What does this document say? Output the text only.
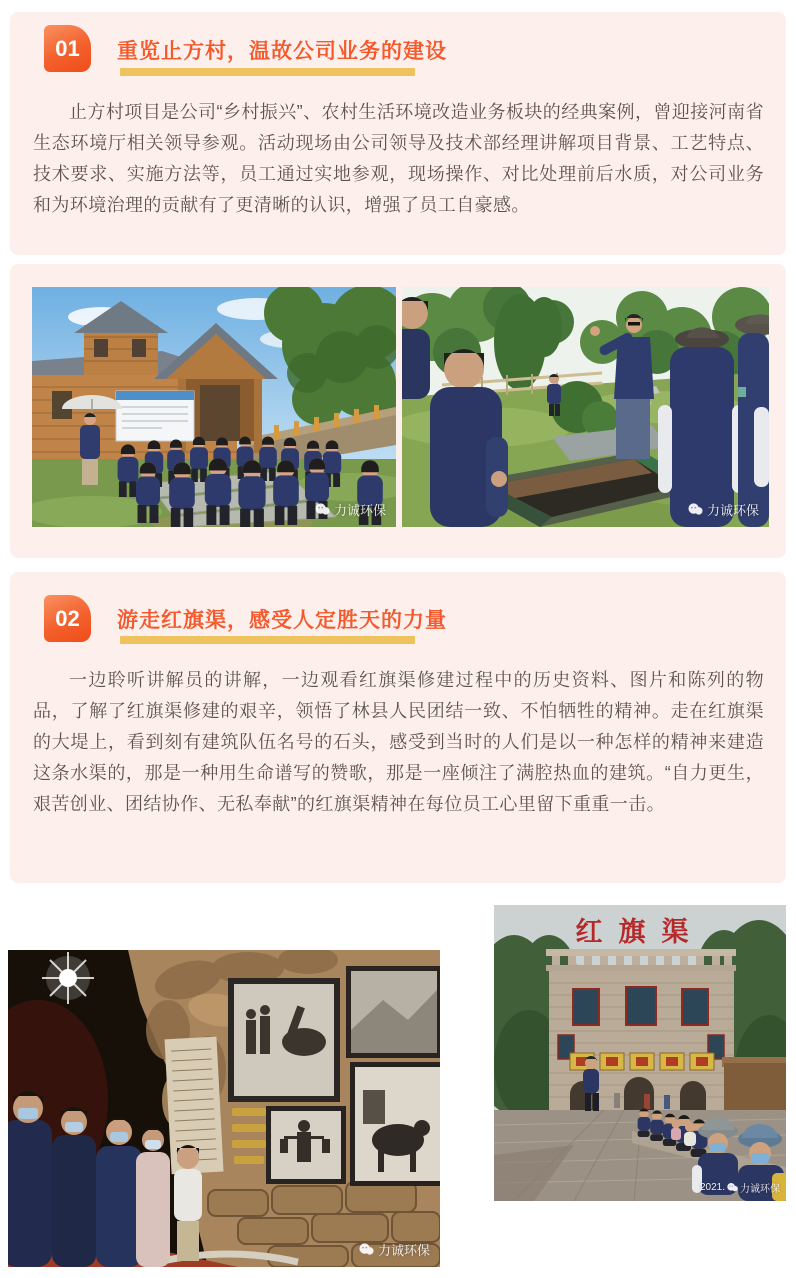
01 重览止方村，温故公司业务的建设

止方村项目是公司“乡村振兴”、农村生活环境改造业务板块的经典案例，曾迎接河南省生态环境厅相关领导参观。活动现场由公司领导及技术部经理讲解项目背景、工艺特点、技术要求、实施方法等，员工通过实地参观，现场操作、对比处理前后水质，对公司业务和为环境治理的贡献有了更清晰的认识，增强了员工自豪感。

力诚环保	力诚环保
02 游走红旗渠，感受人定胜天的力量

一边聆听讲解员的讲解，一边观看红旗渠修建过程中的历史资料、图片和陈列的物品，了解了红旗渠修建的艰辛，领悟了林县人民团结一致、不怕牺牲的精神。走在红旗渠的大堤上，看到刻有建筑队伍名号的石头，感受到当时的人们是以一种怎样的精神来建造这条水渠的，那是一种用生命谱写的赞歌，那是一座倾注了满腔热血的建筑。“自力更生，艰苦创业、团结协作、无私奉献”的红旗渠精神在每位员工心里留下重重一击。

力诚环保
红旗渠
2021. 力诚环保
